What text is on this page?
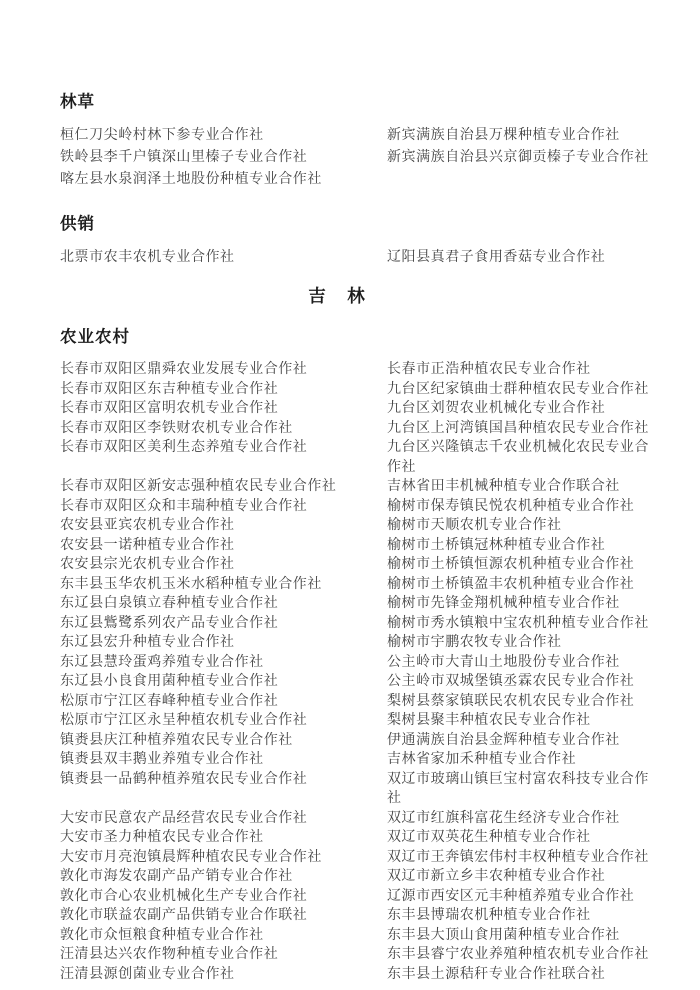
林草
桓仁刀尖岭村林下参专业合作社	新宾满族自治县万棵种植专业合作社
铁岭县李千户镇深山里榛子专业合作社	新宾满族自治县兴京御贡榛子专业合作社
喀左县水泉润泽土地股份种植专业合作社
供销
北票市农丰农机专业合作社	辽阳县真君子食用香菇专业合作社
吉　林
农业农村
长春市双阳区鼎舜农业发展专业合作社	长春市正浩种植农民专业合作社
长春市双阳区东吉种植专业合作社	九台区纪家镇曲士群种植农民专业合作社
长春市双阳区富明农机专业合作社	九台区刘贺农业机械化专业合作社
长春市双阳区李铁财农机专业合作社	九台区上河湾镇国昌种植农民专业合作社
长春市双阳区美利生态养殖专业合作社	九台区兴隆镇志千农业机械化农民专业合作社
长春市双阳区新安志强种植农民专业合作社	吉林省田丰机械种植专业合作联合社
长春市双阳区众和丰瑞种植专业合作社	榆树市保寿镇民悦农机种植专业合作社
农安县亚宾农机专业合作社	榆树市天顺农机专业合作社
农安县一诺种植专业合作社	榆树市土桥镇冠林种植专业合作社
农安县宗光农机专业合作社	榆树市土桥镇恒源农机种植专业合作社
东丰县玉华农机玉米水稻种植专业合作社	榆树市土桥镇盈丰农机种植专业合作社
东辽县白泉镇立春种植专业合作社	榆树市先锋金翔机械种植专业合作社
东辽县鴜鹭系列农产品专业合作社	榆树市秀水镇粮中宝农机种植专业合作社
东辽县宏升种植专业合作社	榆树市宇鹏农牧专业合作社
东辽县慧玲蛋鸡养殖专业合作社	公主岭市大青山土地股份专业合作社
东辽县小良食用菌种植专业合作社	公主岭市双城堡镇丞霖农民专业合作社
松原市宁江区春峰种植专业合作社	梨树县蔡家镇联民农机农民专业合作社
松原市宁江区永呈种植农机专业合作社	梨树县聚丰种植农民专业合作社
镇赉县庆江种植养殖农民专业合作社	伊通满族自治县金辉种植专业合作社
镇赉县双丰鹅业养殖专业合作社	吉林省家加禾种植专业合作社
镇赉县一品鹤种植养殖农民专业合作社	双辽市玻璃山镇巨宝村富农科技专业合作社
大安市民意农产品经营农民专业合作社	双辽市红旗科富花生经济专业合作社
大安市圣力种植农民专业合作社	双辽市双英花生种植专业合作社
大安市月亮泡镇晨辉种植农民专业合作社	双辽市王奔镇宏伟村丰权种植专业合作社
敦化市海发农副产品产销专业合作社	双辽市新立乡丰农种植专业合作社
敦化市合心农业机械化生产专业合作社	辽源市西安区元丰种植养殖专业合作社
敦化市联益农副产品供销专业合作联社	东丰县博瑞农机种植专业合作社
敦化市众恒粮食种植专业合作社	东丰县大顶山食用菌种植专业合作社
汪清县达兴农作物种植专业合作社	东丰县睿宁农业养殖种植农机专业合作社
汪清县源创菌业专业合作社	东丰县土源秸秆专业合作社联合社
